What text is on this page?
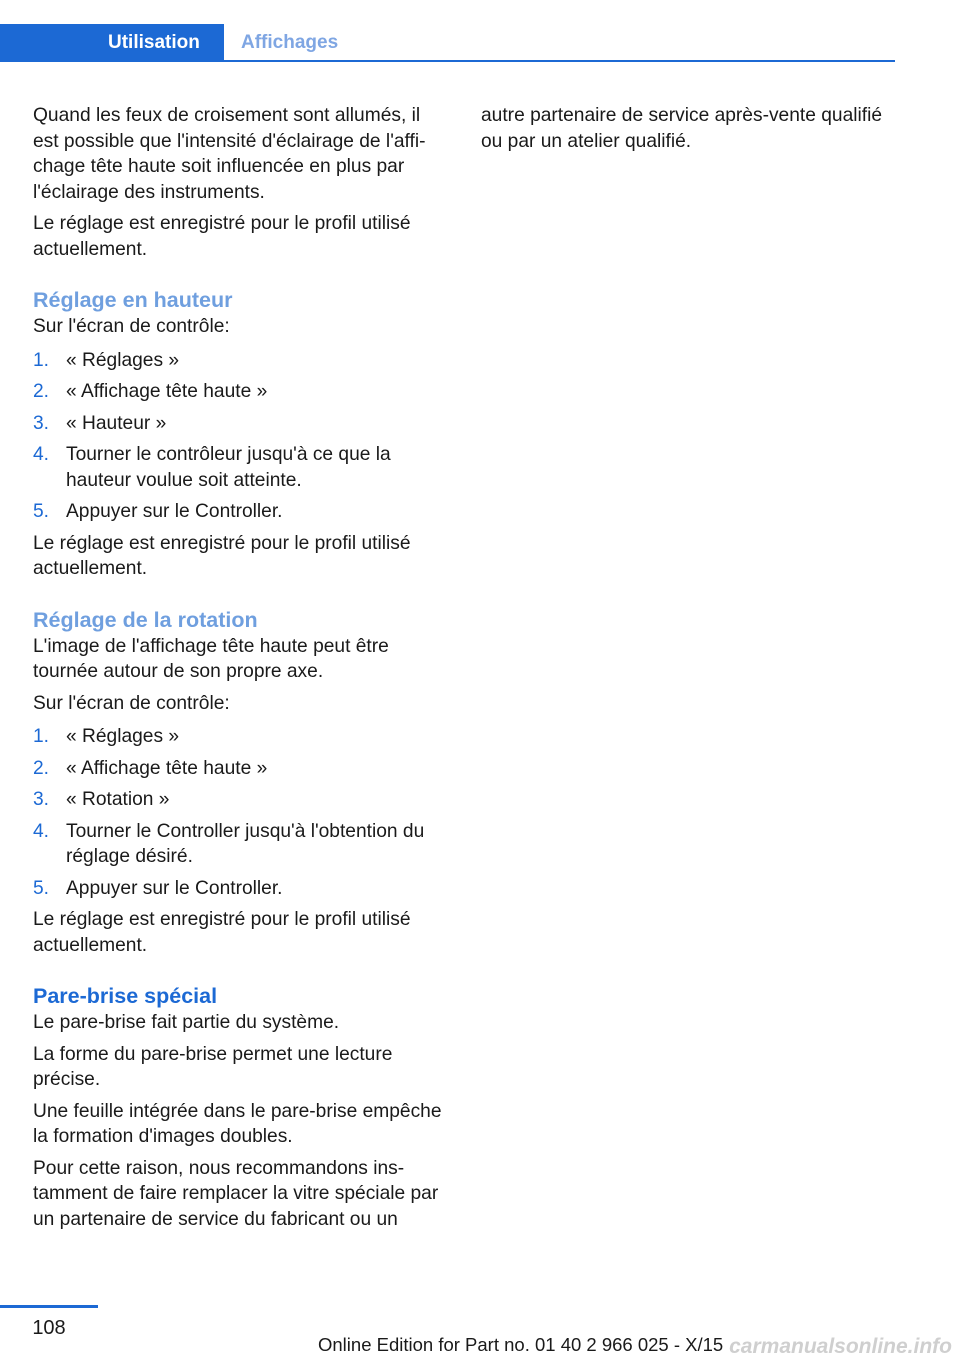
Utilisation	Affichages

Quand les feux de croisement sont allumés, il est possible que l'intensité d'éclairage de l'affichage tête haute soit influencée en plus par l'éclairage des instruments.

Le réglage est enregistré pour le profil utilisé actuellement.

Réglage en hauteur

Sur l'écran de contrôle:

1. « Réglages »
2. « Affichage tête haute »
3. « Hauteur »
4. Tourner le contrôleur jusqu'à ce que la hauteur voulue soit atteinte.
5. Appuyer sur le Controller.

Le réglage est enregistré pour le profil utilisé actuellement.

Réglage de la rotation

L'image de l'affichage tête haute peut être tournée autour de son propre axe.

Sur l'écran de contrôle:

1. « Réglages »
2. « Affichage tête haute »
3. « Rotation »
4. Tourner le Controller jusqu'à l'obtention du réglage désiré.
5. Appuyer sur le Controller.

Le réglage est enregistré pour le profil utilisé actuellement.

Pare-brise spécial

Le pare-brise fait partie du système.

La forme du pare-brise permet une lecture précise.

Une feuille intégrée dans le pare-brise empêche la formation d'images doubles.

Pour cette raison, nous recommandons instamment de faire remplacer la vitre spéciale par un partenaire de service du fabricant ou un

autre partenaire de service après-vente qualifié ou par un atelier qualifié.

108
Online Edition for Part no. 01 40 2 966 025 - X/15 carmanualsonline.info
